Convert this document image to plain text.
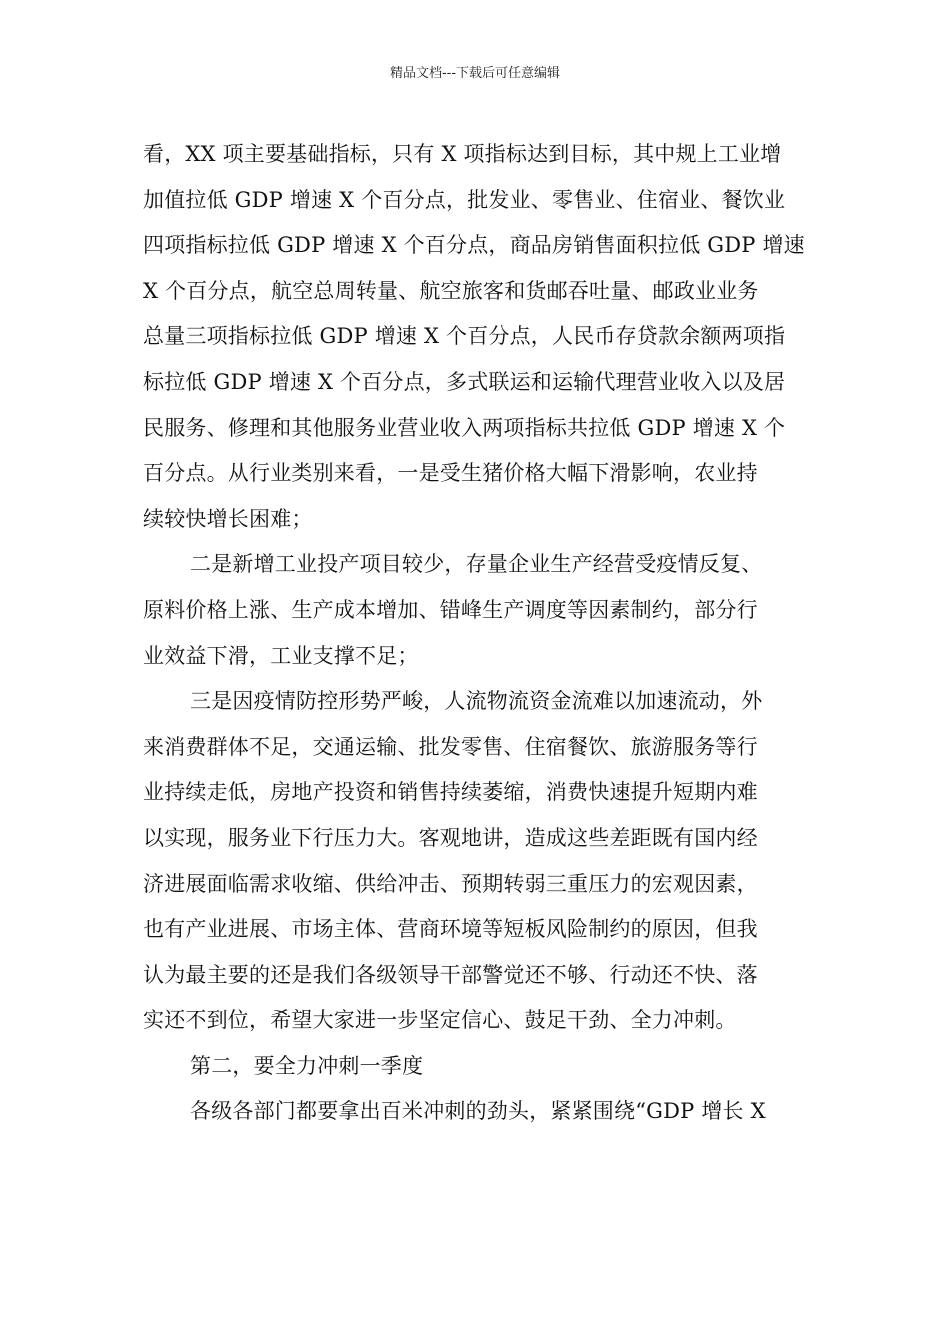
精品文档---下载后可任意编辑
看，XX 项主要基础指标，只有 X 项指标达到目标，其中规上工业增
加值拉低 GDP 增速 X 个百分点，批发业、零售业、住宿业、餐饮业
四项指标拉低 GDP 增速 X 个百分点，商品房销售面积拉低 GDP 增速
X 个百分点，航空总周转量、航空旅客和货邮吞吐量、邮政业业务
总量三项指标拉低 GDP 增速 X 个百分点，人民币存贷款余额两项指
标拉低 GDP 增速 X 个百分点，多式联运和运输代理营业收入以及居
民服务、修理和其他服务业营业收入两项指标共拉低 GDP 增速 X 个
百分点。从行业类别来看，一是受生猪价格大幅下滑影响，农业持
续较快增长困难；
二是新增工业投产项目较少，存量企业生产经营受疫情反复、
原料价格上涨、生产成本增加、错峰生产调度等因素制约，部分行
业效益下滑，工业支撑不足；
三是因疫情防控形势严峻，人流物流资金流难以加速流动，外
来消费群体不足，交通运输、批发零售、住宿餐饮、旅游服务等行
业持续走低，房地产投资和销售持续萎缩，消费快速提升短期内难
以实现，服务业下行压力大。客观地讲，造成这些差距既有国内经
济进展面临需求收缩、供给冲击、预期转弱三重压力的宏观因素，
也有产业进展、市场主体、营商环境等短板风险制约的原因，但我
认为最主要的还是我们各级领导干部警觉还不够、行动还不快、落
实还不到位，希望大家进一步坚定信心、鼓足干劲、全力冲刺。
第二，要全力冲刺一季度
各级各部门都要拿出百米冲刺的劲头，紧紧围绕“GDP 增长 X
